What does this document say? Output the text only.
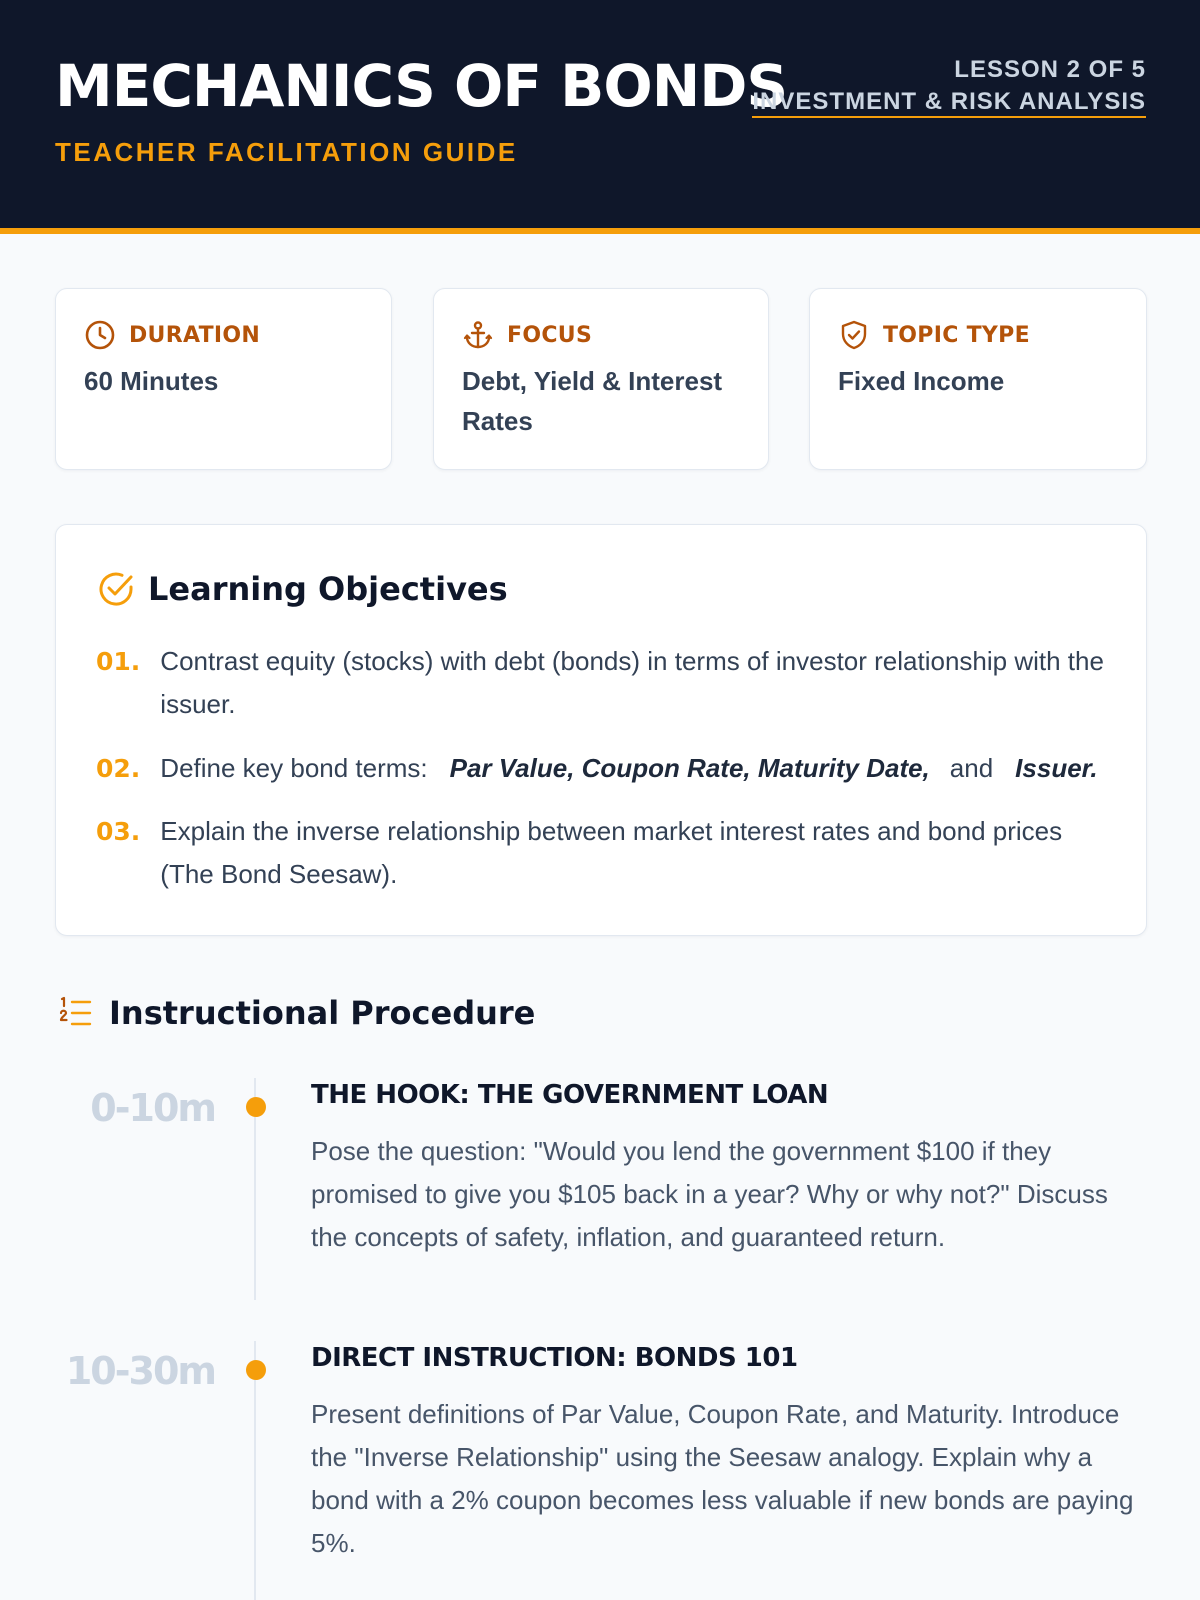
MECHANICS OF BONDS
TEACHER FACILITATION GUIDE
LESSON 2 OF 5
INVESTMENT & RISK ANALYSIS
DURATION
60 Minutes
FOCUS
Debt, Yield & Interest Rates
TOPIC TYPE
Fixed Income
Learning Objectives
01. Contrast equity (stocks) with debt (bonds) in terms of investor relationship with the issuer.
02. Define key bond terms: Par Value, Coupon Rate, Maturity Date, and Issuer.
03. Explain the inverse relationship between market interest rates and bond prices (The Bond Seesaw).
Instructional Procedure
0-10m	THE HOOK: THE GOVERNMENT LOAN
Pose the question: "Would you lend the government $100 if they promised to give you $105 back in a year? Why or why not?" Discuss the concepts of safety, inflation, and guaranteed return.
10-30m	DIRECT INSTRUCTION: BONDS 101
Present definitions of Par Value, Coupon Rate, and Maturity. Introduce the "Inverse Relationship" using the Seesaw analogy. Explain why a bond with a 2% coupon becomes less valuable if new bonds are paying 5%.
